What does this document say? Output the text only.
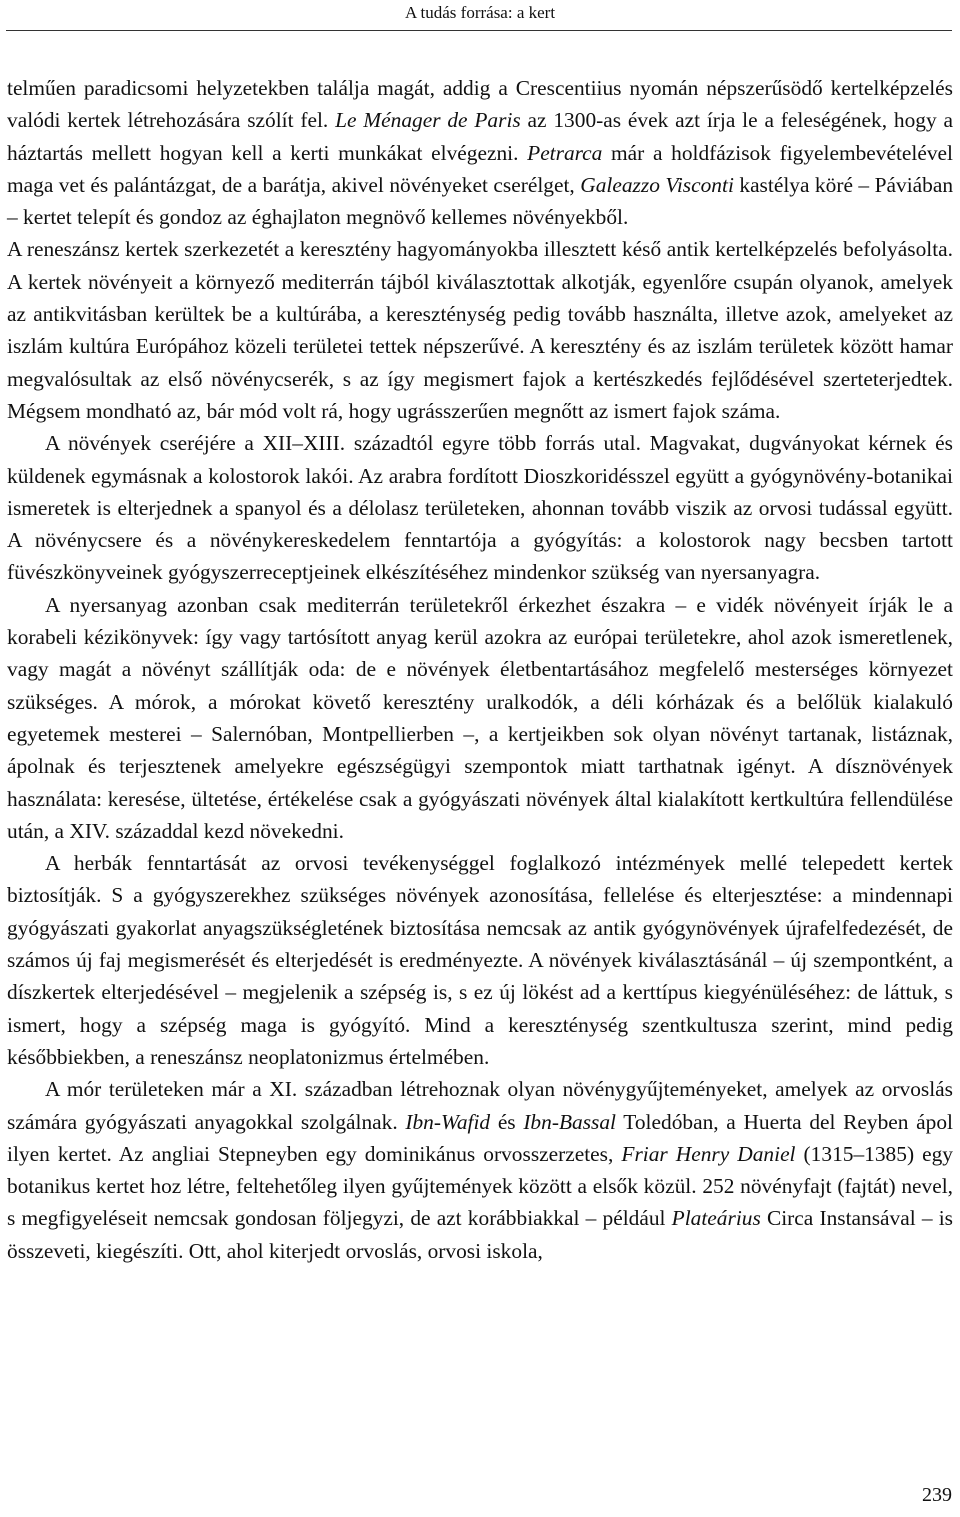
A tudás forrása: a kert

telműen paradicsomi helyzetekben találja magát, addig a Crescentiius nyomán népszerűsödő kertelképzelés valódi kertek létrehozására szólít fel. Le Ménager de Paris az 1300-as évek azt írja le a feleségének, hogy a háztartás mellett hogyan kell a kerti munkákat elvégezni. Petrarca már a holdfázisok figyelembevételével maga vet és palántázgat, de a barátja, akivel növényeket cserélget, Galeazzo Visconti kastélya köré – Páviában – kertet telepít és gondoz az éghajlaton megnövő kellemes növényekből.

A reneszánsz kertek szerkezetét a keresztény hagyományokba illesztett késő antik kertelképzelés befolyásolta. A kertek növényeit a környező mediterrán tájból kiválasztottak alkotják, egyenlőre csupán olyanok, amelyek az antikvitásban kerültek be a kultúrába, a kereszténység pedig tovább használta, illetve azok, amelyeket az iszlám kultúra Európához közeli területei tettek népszerűvé. A keresztény és az iszlám területek között hamar megvalósultak az első növénycserék, s az így megismert fajok a kertészkedés fejlődésével szerteterjedtek. Mégsem mondható az, bár mód volt rá, hogy ugrásszerűen megnőtt az ismert fajok száma.

A növények cseréjére a XII–XIII. századtól egyre több forrás utal. Magvakat, dugványokat kérnek és küldenek egymásnak a kolostorok lakói. Az arabra fordított Dioszkoridésszel együtt a gyógynövény-botanikai ismeretek is elterjednek a spanyol és a délolasz területeken, ahonnan tovább viszik az orvosi tudással együtt. A növénycsere és a növénykereskedelem fenntartója a gyógyítás: a kolostorok nagy becsben tartott füvészkönyveinek gyógyszerreceptjeinek elkészítéséhez mindenkor szükség van nyersanyagra.

A nyersanyag azonban csak mediterrán területekről érkezhet északra – e vidék növényeit írják le a korabeli kézikönyvek: így vagy tartósított anyag kerül azokra az európai területekre, ahol azok ismeretlenek, vagy magát a növényt szállítják oda: de e növények életbentartásához megfelelő mesterséges környezet szükséges. A mórok, a mórokat követő keresztény uralkodók, a déli kórházak és a belőlük kialakuló egyetemek mesterei – Salernóban, Montpellierben –, a kertjeikben sok olyan növényt tartanak, listáznak, ápolnak és terjesztenek amelyekre egészségügyi szempontok miatt tarthatnak igényt. A dísznövények használata: keresése, ültetése, értékelése csak a gyógyászati növények által kialakított kertkultúra fellendülése után, a XIV. századdal kezd növekedni.

A herbák fenntartását az orvosi tevékenységgel foglalkozó intézmények mellé telepedett kertek biztosítják. S a gyógyszerekhez szükséges növények azonosítása, fellelése és elterjesztése: a mindennapi gyógyászati gyakorlat anyagszükségletének biztosítása nemcsak az antik gyógynövények újrafelfedezését, de számos új faj megismerését és elterjedését is eredményezte. A növények kiválasztásánál – új szempontként, a díszkertek elterjedésével – megjelenik a szépség is, s ez új lökést ad a kerttípus kiegyénüléséhez: de láttuk, s ismert, hogy a szépség maga is gyógyító. Mind a kereszténység szentkultusza szerint, mind pedig későbbiekben, a reneszánsz neoplatonizmus értelmében.

A mór területeken már a XI. században létrehoznak olyan növénygyűjteményeket, amelyek az orvoslás számára gyógyászati anyagokkal szolgálnak. Ibn-Wafid és Ibn-Bassal Toledóban, a Huerta del Reyben ápol ilyen kertet. Az angliai Stepneyben egy dominikánus orvosszerzetes, Friar Henry Daniel (1315–1385) egy botanikus kertet hoz létre, feltehetőleg ilyen gyűjtemények között a elsők közül. 252 növényfajt (fajtát) nevel, s megfigyeléseit nemcsak gondosan följegyzi, de azt korábbiakkal – például Plateárius Circa Instansával – is összeveti, kiegészíti. Ott, ahol kiterjedt orvoslás, orvosi iskola,

239
